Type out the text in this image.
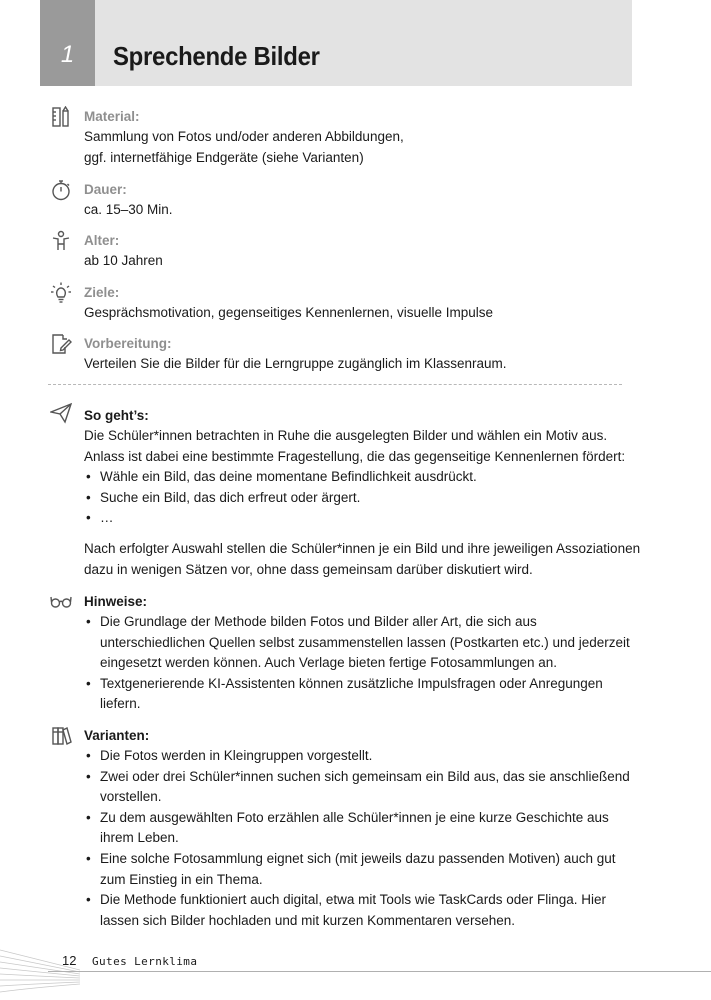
1	Sprechende Bilder
Material:

Sammlung von Fotos und/oder anderen Abbildungen,

ggf. internetfähige Endgeräte (siehe Varianten)

Dauer:
ca. 15–30 Min.
Alter:
ab 10 Jahren
Ziele:
Gesprächsmotivation, gegenseitiges Kennenlernen, visuelle Impulse
Vorbereitung:
Verteilen Sie die Bilder für die Lerngruppe zugänglich im Klassenraum.
So geht’s:

Die Schüler*innen betrachten in Ruhe die ausgelegten Bilder und wählen ein Motiv aus.

Anlass ist dabei eine bestimmte Fragestellung, die das gegenseitige Kennenlernen fördert:

• Wähle ein Bild, das deine momentane Befindlichkeit ausdrückt.
• Suche ein Bild, das dich erfreut oder ärgert.
• …

Nach erfolgter Auswahl stellen die Schüler*innen je ein Bild und ihre jeweiligen Assoziationen

dazu in wenigen Sätzen vor, ohne dass gemeinsam darüber diskutiert wird.

Hinweise:
• Die Grundlage der Methode bilden Fotos und Bilder aller Art, die sich aus unterschiedlichen Quellen selbst zusammenstellen lassen (Postkarten etc.) und jederzeit eingesetzt werden können. Auch Verlage bieten fertige Fotosammlungen an.
• Textgenerierende KI-Assistenten können zusätzliche Impulsfragen oder Anregungen liefern.
Varianten:
• Die Fotos werden in Kleingruppen vorgestellt.
• Zwei oder drei Schüler*innen suchen sich gemeinsam ein Bild aus, das sie anschließend vorstellen.
• Zu dem ausgewählten Foto erzählen alle Schüler*innen je eine kurze Geschichte aus ihrem Leben.
• Eine solche Fotosammlung eignet sich (mit jeweils dazu passenden Motiven) auch gut zum Einstieg in ein Thema.
• Die Methode funktioniert auch digital, etwa mit Tools wie TaskCards oder Flinga. Hier lassen sich Bilder hochladen und mit kurzen Kommentaren versehen.
12 Gutes Lernklima
